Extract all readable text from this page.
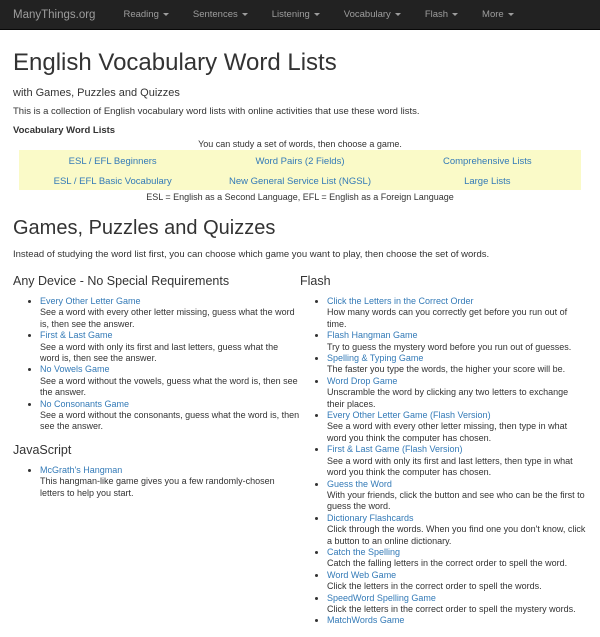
ManyThings.org	Reading	Sentences	Listening	Vocabulary	Flash	More
English Vocabulary Word Lists

with Games, Puzzles and Quizzes

This is a collection of English vocabulary word lists with online activities that use these word lists.

Vocabulary Word Lists
You can study a set of words, then choose a game.
ESL / EFL Beginners	Word Pairs (2 Fields)	Comprehensive Lists
ESL / EFL Basic Vocabulary	New General Service List (NGSL)	Large Lists
ESL = English as a Second Language, EFL = English as a Foreign Language
Games, Puzzles and Quizzes

Instead of studying the word list first, you can choose which game you want to play, then choose the set of words.

Any Device - No Special Requirements
• Every Other Letter Game
See a word with every other letter missing, guess what the word is, then see the answer.
• First & Last Game
See a word with only its first and last letters, guess what the word is, then see the answer.
• No Vowels Game
See a word without the vowels, guess what the word is, then see the answer.
• No Consonants Game
See a word without the consonants, guess what the word is, then see the answer.
JavaScript
• McGrath's Hangman
This hangman-like game gives you a few randomly-chosen letters to help you start.
Flash
• Click the Letters in the Correct Order
How many words can you correctly get before you run out of time.
• Flash Hangman Game
Try to guess the mystery word before you run out of guesses.
• Spelling & Typing Game
The faster you type the words, the higher your score will be.
• Word Drop Game
Unscramble the word by clicking any two letters to exchange their places.
• Every Other Letter Game (Flash Version)
See a word with every other letter missing, then type in what word you think the computer has chosen.
• First & Last Game (Flash Version)
See a word with only its first and last letters, then type in what word you think the computer has chosen.
• Guess the Word
With your friends, click the button and see who can be the first to guess the word.
• Dictionary Flashcards
Click through the words. When you find one you don't know, click a button to an online dictionary.
• Catch the Spelling
Catch the falling letters in the correct order to spell the word.
• Word Web Game
Click the letters in the correct order to spell the words.
• SpeedWord Spelling Game
Click the letters in the correct order to spell the mystery words.
• MatchWords Game
